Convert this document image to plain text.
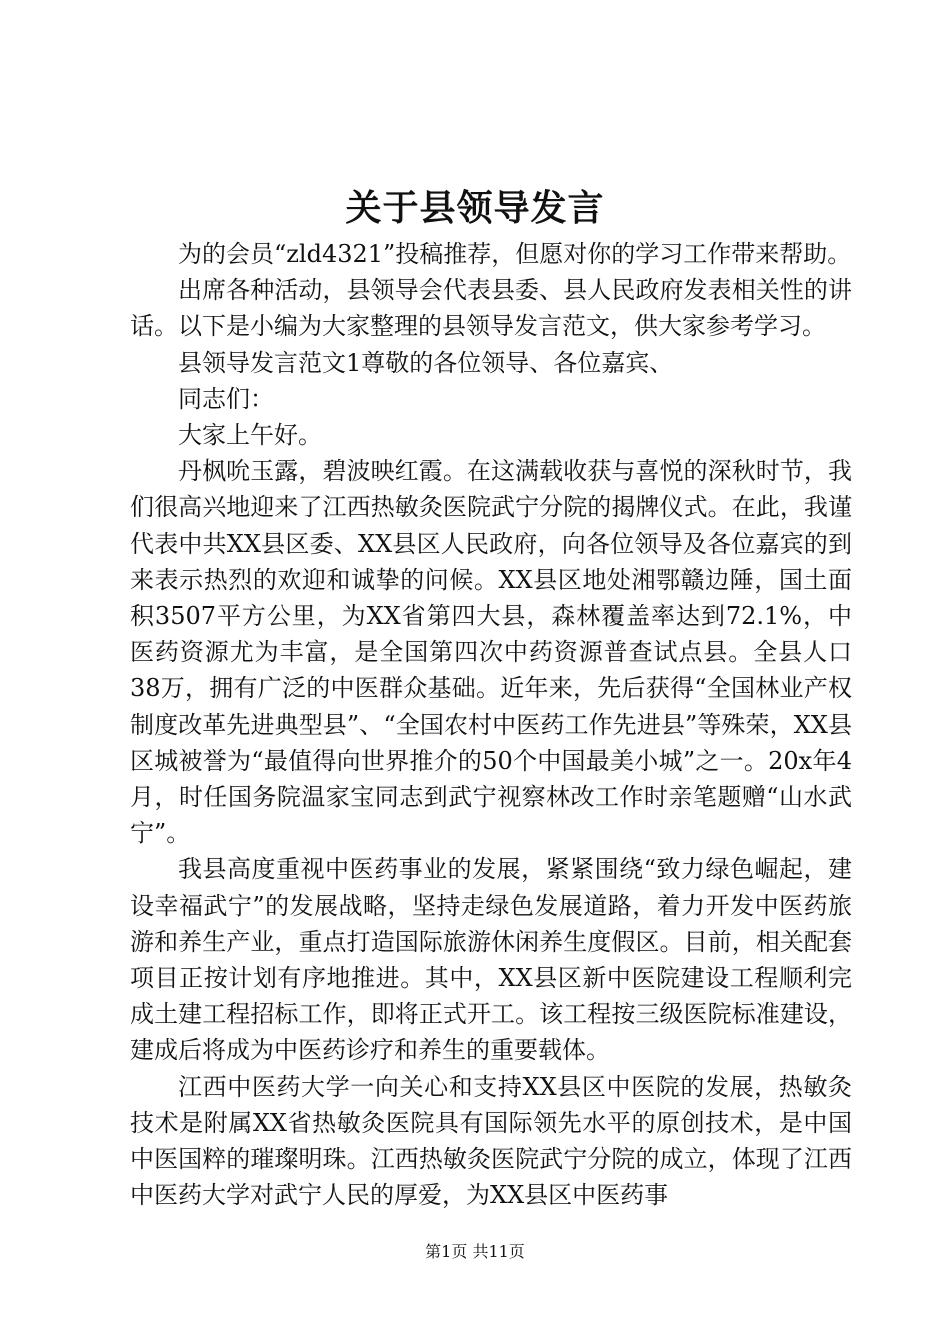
关于县领导发言

为的会员“zld4321”投稿推荐，但愿对你的学习工作带来帮助。

出席各种活动，县领导会代表县委、县人民政府发表相关性的讲话。以下是小编为大家整理的县领导发言范文，供大家参考学习。

县领导发言范文1尊敬的各位领导、各位嘉宾、

同志们：

大家上午好。

丹枫吮玉露，碧波映红霞。在这满载收获与喜悦的深秋时节，我们很高兴地迎来了江西热敏灸医院武宁分院的揭牌仪式。在此，我谨代表中共XX县区委、XX县区人民政府，向各位领导及各位嘉宾的到来表示热烈的欢迎和诚挚的问候。XX县区地处湘鄂赣边陲，国土面积3507平方公里，为XX省第四大县，森林覆盖率达到72.1%，中医药资源尤为丰富，是全国第四次中药资源普查试点县。全县人口38万，拥有广泛的中医群众基础。近年来，先后获得“全国林业产权制度改革先进典型县”、“全国农村中医药工作先进县”等殊荣，XX县区城被誉为“最值得向世界推介的50个中国最美小城”之一。20x年4月，时任国务院温家宝同志到武宁视察林改工作时亲笔题赠“山水武宁”。

我县高度重视中医药事业的发展，紧紧围绕“致力绿色崛起，建设幸福武宁”的发展战略，坚持走绿色发展道路，着力开发中医药旅游和养生产业，重点打造国际旅游休闲养生度假区。目前，相关配套项目正按计划有序地推进。其中，XX县区新中医院建设工程顺利完成土建工程招标工作，即将正式开工。该工程按三级医院标准建设，建成后将成为中医药诊疗和养生的重要载体。

江西中医药大学一向关心和支持XX县区中医院的发展，热敏灸技术是附属XX省热敏灸医院具有国际领先水平的原创技术，是中国中医国粹的璀璨明珠。江西热敏灸医院武宁分院的成立，体现了江西中医药大学对武宁人民的厚爱，为XX县区中医药事

第1页 共11页
